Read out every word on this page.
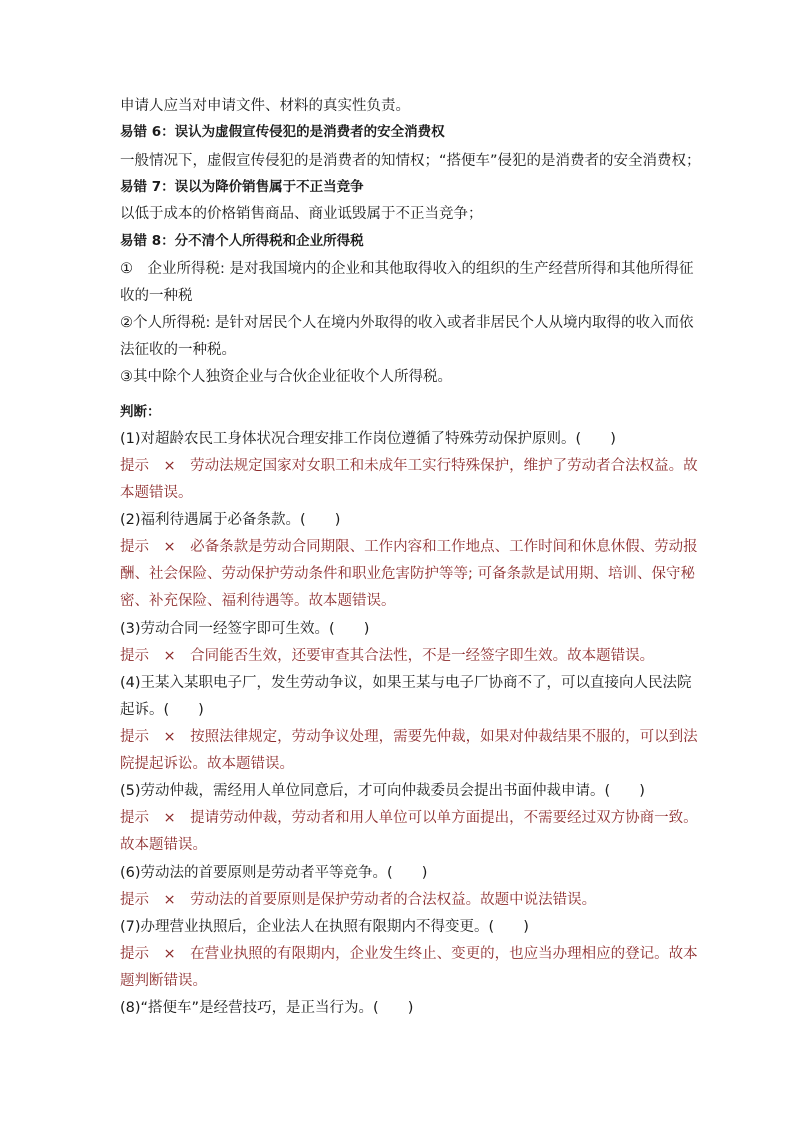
申请人应当对申请文件、材料的真实性负责。
易错 6：误认为虚假宣传侵犯的是消费者的安全消费权
一般情况下，虚假宣传侵犯的是消费者的知情权；“搭便车”侵犯的是消费者的安全消费权；
易错 7：误以为降价销售属于不正当竞争
以低于成本的价格销售商品、商业诋毁属于不正当竞争；
易错 8：分不清个人所得税和企业所得税
①　企业所得税: 是对我国境内的企业和其他取得收入的组织的生产经营所得和其他所得征
收的一种税
②个人所得税: 是针对居民个人在境内外取得的收入或者非居民个人从境内取得的收入而依
法征收的一种税。
③其中除个人独资企业与合伙企业征收个人所得税。
判断：
(1)对超龄农民工身体状况合理安排工作岗位遵循了特殊劳动保护原则。(　　)
提示　×　劳动法规定国家对女职工和未成年工实行特殊保护，维护了劳动者合法权益。故
本题错误。
(2)福利待遇属于必备条款。(　　)
提示　×　必备条款是劳动合同期限、工作内容和工作地点、工作时间和休息休假、劳动报
酬、社会保险、劳动保护劳动条件和职业危害防护等等; 可备条款是试用期、培训、保守秘
密、补充保险、福利待遇等。故本题错误。
(3)劳动合同一经签字即可生效。(　　)
提示　×　合同能否生效，还要审查其合法性，不是一经签字即生效。故本题错误。
(4)王某入某职电子厂，发生劳动争议，如果王某与电子厂协商不了，可以直接向人民法院
起诉。(　　)
提示　×　按照法律规定，劳动争议处理，需要先仲裁，如果对仲裁结果不服的，可以到法
院提起诉讼。故本题错误。
(5)劳动仲裁，需经用人单位同意后，才可向仲裁委员会提出书面仲裁申请。(　　)
提示　×　提请劳动仲裁，劳动者和用人单位可以单方面提出，不需要经过双方协商一致。
故本题错误。
(6)劳动法的首要原则是劳动者平等竞争。(　　)
提示　×　劳动法的首要原则是保护劳动者的合法权益。故题中说法错误。
(7)办理营业执照后，企业法人在执照有限期内不得变更。(　　)
提示　×　在营业执照的有限期内，企业发生终止、变更的，也应当办理相应的登记。故本
题判断错误。
(8)“搭便车”是经营技巧，是正当行为。(　　)
